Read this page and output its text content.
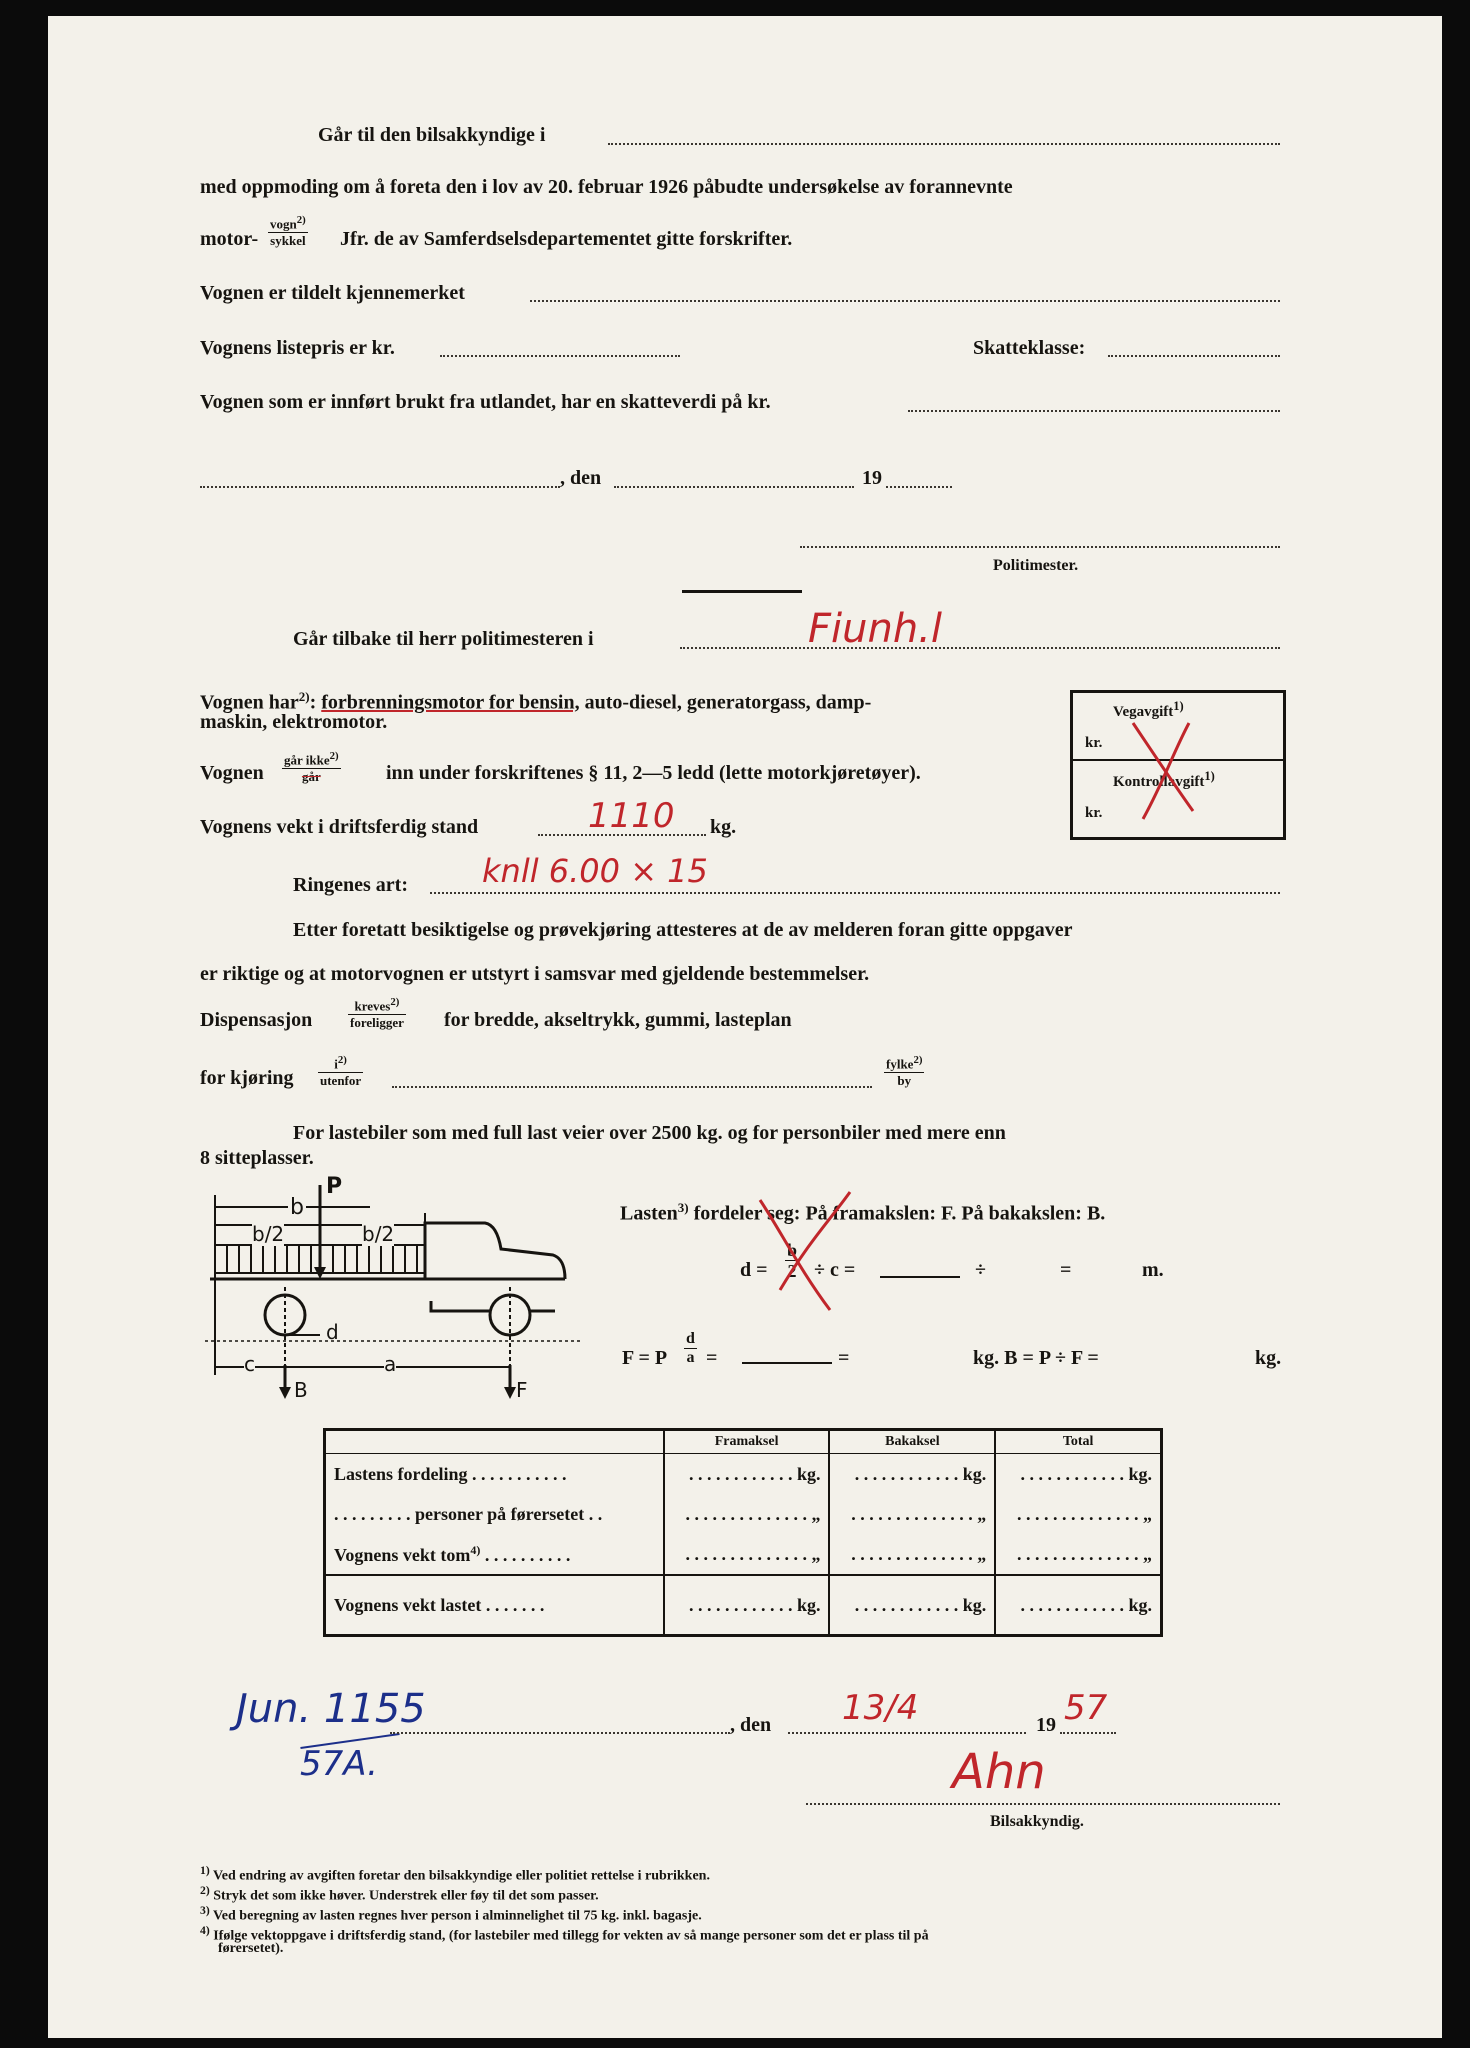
Går til den bilsakkyndige i
med oppmoding om å foreta den i lov av 20. februar 1926 påbudte undersøkelse av forannevnte
motor-
vogn$^{2)}$
sykkel Jfr. de av Samferdselsdepartementet gitte forskrifter.
Vognen er tildelt kjennemerket
Vognens listepris er kr.	Skatteklasse:
Vognen som er innført brukt fra utlandet, har en skatteverdi på kr.
, den	19
Politimester.
Går tilbake til herr politimesteren i	Fiunh.l
Vognen har$^{2)}$: forbrenningsmotor for bensin, auto-diesel, generatorgass, damp-
maskin, elektromotor.
Vognen
går ikke$^{2)}$
går	inn under forskriftenes § 11, 2—5 ledd (lette motorkjøretøyer).
Vognens vekt i driftsferdig stand	1110 kg.
Ringenes art: knll 6.00 × 15
Etter foretatt besiktigelse og prøvekjøring attesteres at de av melderen foran gitte oppgaver
er riktige og at motorvognen er utstyrt i samsvar med gjeldende bestemmelser.
Dispensasjon
kreves$^{2)}$
foreligger for bredde, akseltrykk, gummi, lasteplan
for kjøring
$i^{2)}$
utenfor
fylke$^{2)}$
by
For lastebiler som med full last veier over 2500 kg. og for personbiler med mere enn
8 sitteplasser.
Vegavgift$^{1)}$
kr.
Kontrollavgift$^{1)}$
kr.
P
b
b/2	b/2
d
c	a
B	F
Lasten$^{3)}$ fordeler seg: På framakslen: F. På bakakslen: B.
$d = \frac{b}{2} \div c$ =	÷	=	m.
F = P $\frac{d}{a}$ =	=	kg. B = P ÷ F =	kg.
	Framaksel	Bakaksel	Total
Lastens fordeling . . . . . . . . . . .	. . . . . . . . . . . . kg.	. . . . . . . . . . . . kg.	. . . . . . . . . . . . kg.
. . . . . . . . . personer på førersetet . .	. . . . . . . . . . . . . . „	. . . . . . . . . . . . . . „	. . . . . . . . . . . . . . „
Vognens vekt tom$^{4)}$ . . . . . . . . . .	. . . . . . . . . . . . . . „	. . . . . . . . . . . . . . „	. . . . . . . . . . . . . . „
Vognens vekt lastet . . . . . . .	. . . . . . . . . . . . kg.	. . . . . . . . . . . . kg.	. . . . . . . . . . . . kg.
Jun. 1155
57A.
, den 13/4	19 57
Ahn
Bilsakkyndig.
$^{1)}$ Ved endring av avgiften foretar den bilsakkyndige eller politiet rettelse i rubrikken.
$^{2)}$ Stryk det som ikke høver. Understrek eller føy til det som passer.
$^{3)}$ Ved beregning av lasten regnes hver person i alminnelighet til 75 kg. inkl. bagasje.
$^{4)}$ Ifølge vektoppgave i driftsferdig stand, (for lastebiler med tillegg for vekten av så mange personer som det er plass til på
førersetet).
